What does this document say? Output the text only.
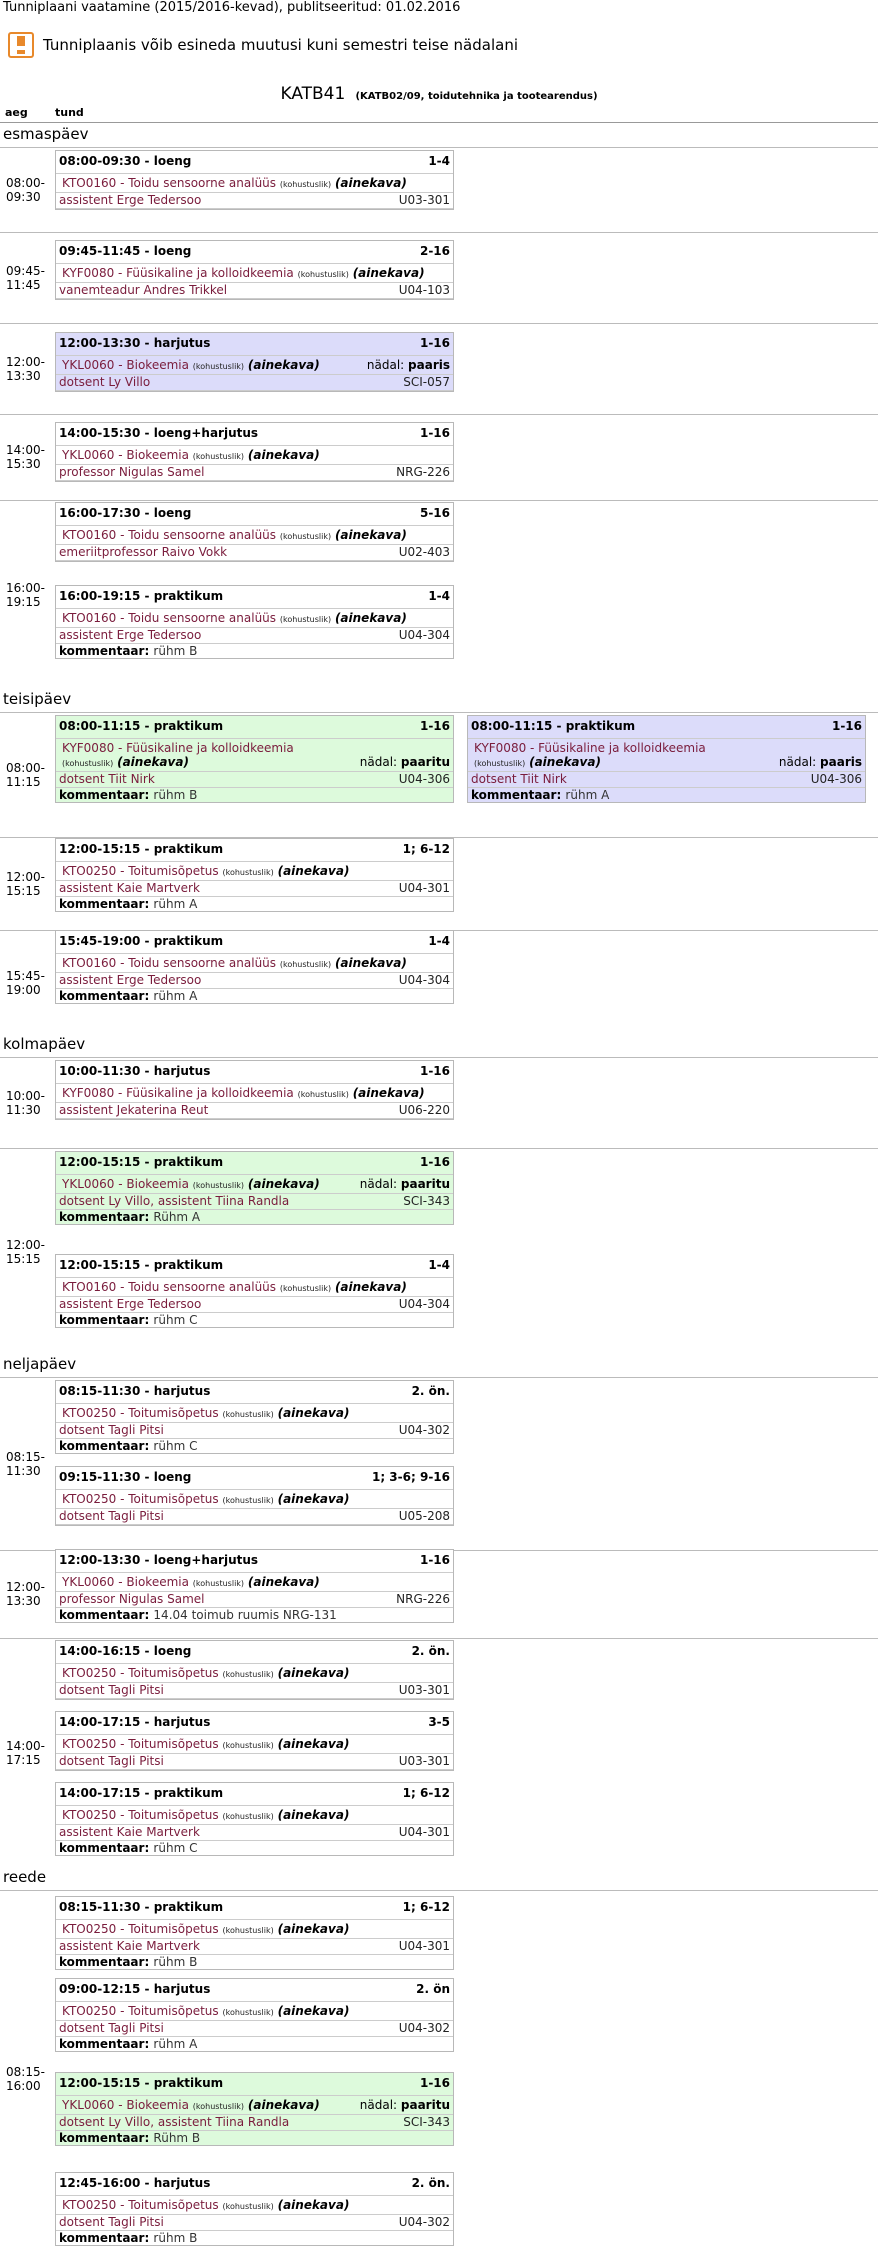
Tunniplaani vaatamine (2015/2016-kevad), publitseeritud: 01.02.2016
Tunniplaanis võib esineda muutusi kuni semestri teise nädalani
KATB41 (KATB02/09, toidutehnika ja tootearendus)
aeg tund
esmaspäev
08:00-
09:30
08:00-09:30 - loeng	1-4
KTO0160 - Toidu sensoorne analüüs (kohustuslik) (ainekava)
assistent Erge Tedersoo	U03-301
09:45-
11:45
09:45-11:45 - loeng	2-16
KYF0080 - Füüsikaline ja kolloidkeemia (kohustuslik) (ainekava)
vanemteadur Andres Trikkel	U04-103
12:00-
13:30
12:00-13:30 - harjutus	1-16
YKL0060 - Biokeemia (kohustuslik) (ainekava)	nädal: paaris
dotsent Ly Villo	SCI-057
14:00-
15:30
14:00-15:30 - loeng+harjutus	1-16
YKL0060 - Biokeemia (kohustuslik) (ainekava)
professor Nigulas Samel	NRG-226
16:00-
19:15
16:00-17:30 - loeng	5-16
KTO0160 - Toidu sensoorne analüüs (kohustuslik) (ainekava)
emeriitprofessor Raivo Vokk	U02-403
16:00-19:15 - praktikum	1-4
KTO0160 - Toidu sensoorne analüüs (kohustuslik) (ainekava)
assistent Erge Tedersoo	U04-304
kommentaar: rühm B
teisipäev
08:00-
11:15
08:00-11:15 - praktikum	1-16
KYF0080 - Füüsikaline ja kolloidkeemia (kohustuslik) (ainekava)	nädal: paaritu
dotsent Tiit Nirk	U04-306
kommentaar: rühm B
08:00-11:15 - praktikum	1-16
KYF0080 - Füüsikaline ja kolloidkeemia (kohustuslik) (ainekava)	nädal: paaris
dotsent Tiit Nirk	U04-306
kommentaar: rühm A
12:00-
15:15
12:00-15:15 - praktikum	1; 6-12
KTO0250 - Toitumisõpetus (kohustuslik) (ainekava)
assistent Kaie Martverk	U04-301
kommentaar: rühm A
15:45-
19:00
15:45-19:00 - praktikum	1-4
KTO0160 - Toidu sensoorne analüüs (kohustuslik) (ainekava)
assistent Erge Tedersoo	U04-304
kommentaar: rühm A
kolmapäev
10:00-
11:30
10:00-11:30 - harjutus	1-16
KYF0080 - Füüsikaline ja kolloidkeemia (kohustuslik) (ainekava)
assistent Jekaterina Reut	U06-220
12:00-
15:15
12:00-15:15 - praktikum	1-16
YKL0060 - Biokeemia (kohustuslik) (ainekava)	nädal: paaritu
dotsent Ly Villo, assistent Tiina Randla	SCI-343
kommentaar: Rühm A
12:00-15:15 - praktikum	1-4
KTO0160 - Toidu sensoorne analüüs (kohustuslik) (ainekava)
assistent Erge Tedersoo	U04-304
kommentaar: rühm C
neljapäev
08:15-
11:30
08:15-11:30 - harjutus	2. ön.
KTO0250 - Toitumisõpetus (kohustuslik) (ainekava)
dotsent Tagli Pitsi	U04-302
kommentaar: rühm C
09:15-11:30 - loeng	1; 3-6; 9-16
KTO0250 - Toitumisõpetus (kohustuslik) (ainekava)
dotsent Tagli Pitsi	U05-208
12:00-
13:30
12:00-13:30 - loeng+harjutus	1-16
YKL0060 - Biokeemia (kohustuslik) (ainekava)
professor Nigulas Samel	NRG-226
kommentaar: 14.04 toimub ruumis NRG-131
14:00-
17:15
14:00-16:15 - loeng	2. ön.
KTO0250 - Toitumisõpetus (kohustuslik) (ainekava)
dotsent Tagli Pitsi	U03-301
14:00-17:15 - harjutus	3-5
KTO0250 - Toitumisõpetus (kohustuslik) (ainekava)
dotsent Tagli Pitsi	U03-301
14:00-17:15 - praktikum	1; 6-12
KTO0250 - Toitumisõpetus (kohustuslik) (ainekava)
assistent Kaie Martverk	U04-301
kommentaar: rühm C
reede
08:15-
16:00
08:15-11:30 - praktikum	1; 6-12
KTO0250 - Toitumisõpetus (kohustuslik) (ainekava)
assistent Kaie Martverk	U04-301
kommentaar: rühm B
09:00-12:15 - harjutus	2. ön
KTO0250 - Toitumisõpetus (kohustuslik) (ainekava)
dotsent Tagli Pitsi	U04-302
kommentaar: rühm A
12:00-15:15 - praktikum	1-16
YKL0060 - Biokeemia (kohustuslik) (ainekava)	nädal: paaritu
dotsent Ly Villo, assistent Tiina Randla	SCI-343
kommentaar: Rühm B
12:45-16:00 - harjutus	2. ön.
KTO0250 - Toitumisõpetus (kohustuslik) (ainekava)
dotsent Tagli Pitsi	U04-302
kommentaar: rühm B
